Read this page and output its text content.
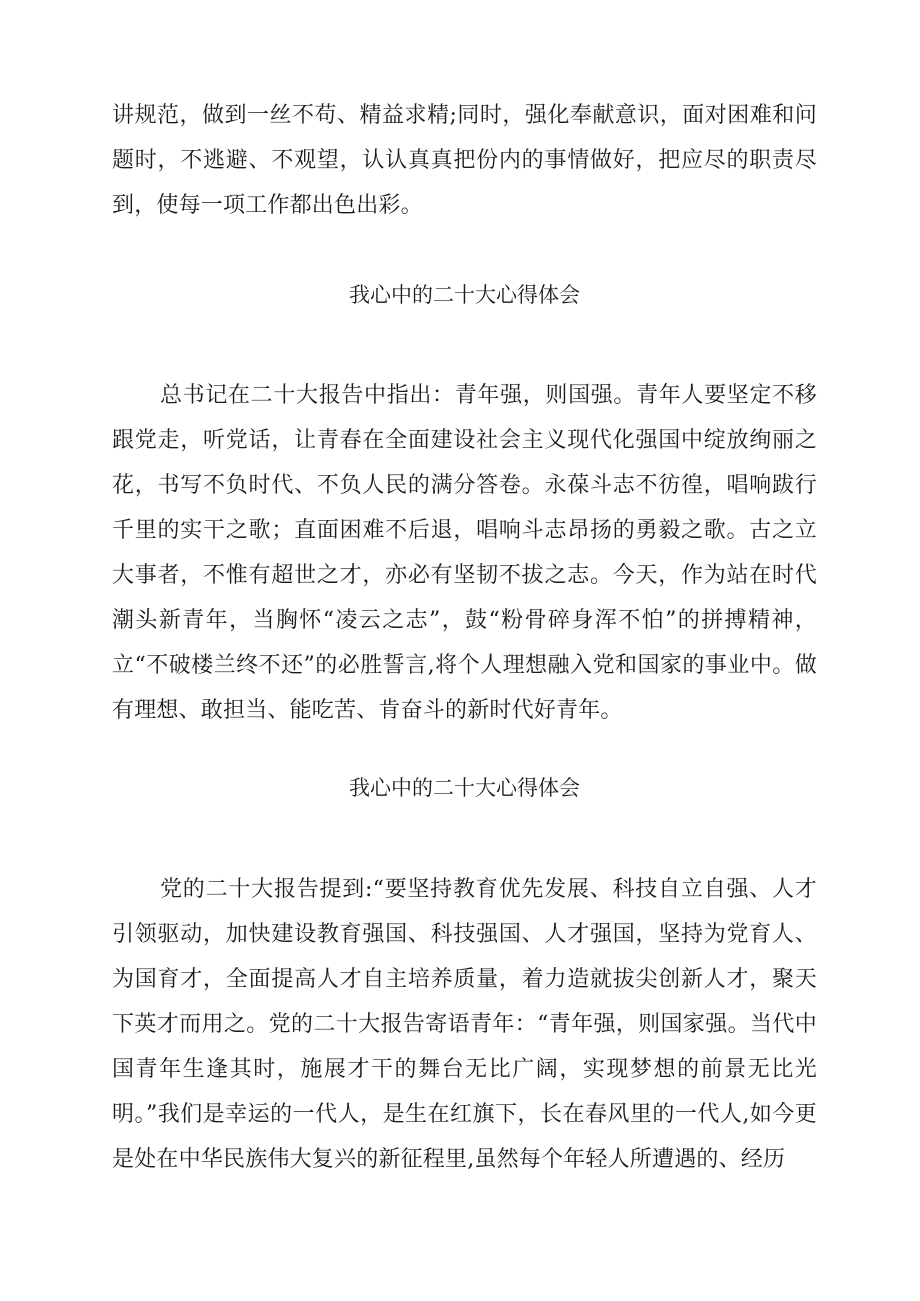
讲规范，做到一丝不苟、精益求精;同时，强化奉献意识，面对困难和问题时，不逃避、不观望，认认真真把份内的事情做好，把应尽的职责尽到，使每一项工作都出色出彩。

我心中的二十大心得体会

总书记在二十大报告中指出：青年强，则国强。青年人要坚定不移跟党走，听党话，让青春在全面建设社会主义现代化强国中绽放绚丽之花，书写不负时代、不负人民的满分答卷。永葆斗志不彷徨，唱响跋行千里的实干之歌；直面困难不后退，唱响斗志昂扬的勇毅之歌。古之立大事者，不惟有超世之才，亦必有坚韧不拔之志。今天，作为站在时代潮头新青年，当胸怀“凌云之志”，鼓“粉骨碎身浑不怕”的拼搏精神，立“不破楼兰终不还”的必胜誓言,将个人理想融入党和国家的事业中。做有理想、敢担当、能吃苦、肯奋斗的新时代好青年。

我心中的二十大心得体会

党的二十大报告提到:“要坚持教育优先发展、科技自立自强、人才引领驱动，加快建设教育强国、科技强国、人才强国，坚持为党育人、为国育才，全面提高人才自主培养质量，着力造就拔尖创新人才，聚天下英才而用之。党的二十大报告寄语青年：“青年强，则国家强。当代中国青年生逢其时，施展才干的舞台无比广阔，实现梦想的前景无比光明。”我们是幸运的一代人，是生在红旗下，长在春风里的一代人,如今更是处在中华民族伟大复兴的新征程里,虽然每个年轻人所遭遇的、经历
